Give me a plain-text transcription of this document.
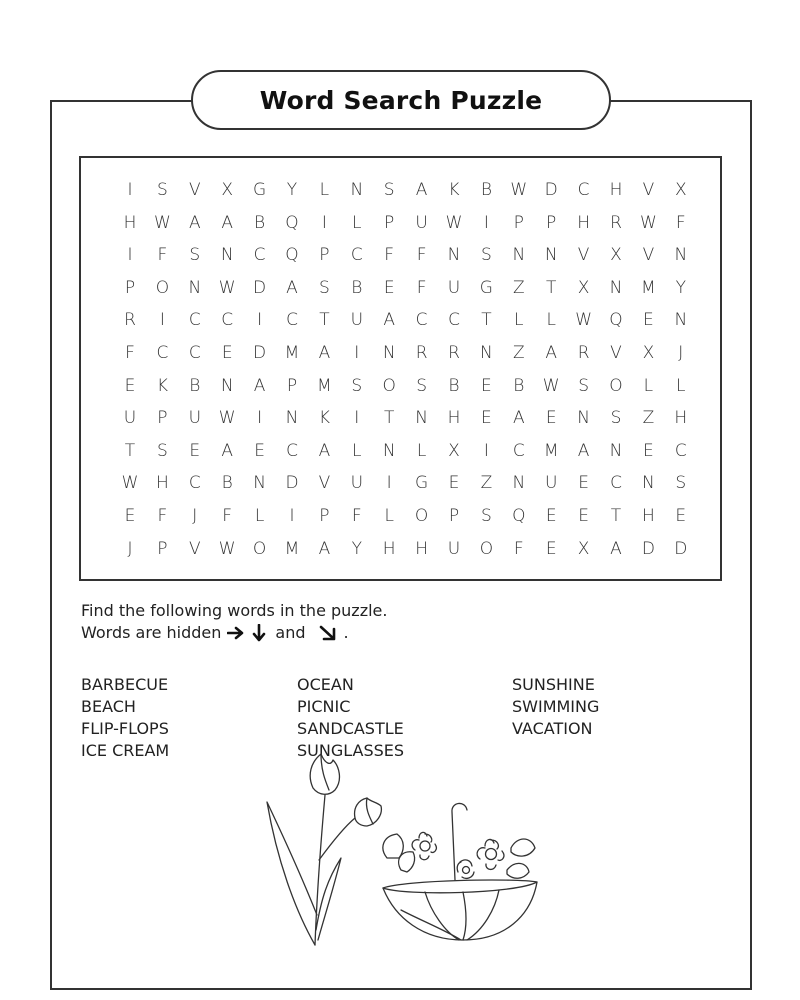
Word Search Puzzle
I	S	V	X	G	Y	L	N	S	A	K	B	W	D	C	H	V	X
H	W	A	A	B	Q	I	L	P	U	W	I	P	P	H	R	W	F
I	F	S	N	C	Q	P	C	F	F	N	S	N	N	V	X	V	N
P	O	N	W	D	A	S	B	E	F	U	G	Z	T	X	N	M	Y
R	I	C	C	I	C	T	U	A	C	C	T	L	L	W	Q	E	N
F	C	C	E	D	M	A	I	N	R	R	N	Z	A	R	V	X	J
E	K	B	N	A	P	M	S	O	S	B	E	B	W	S	O	L	L
U	P	U	W	I	N	K	I	T	N	H	E	A	E	N	S	Z	H
T	S	E	A	E	C	A	L	N	L	X	I	C	M	A	N	E	C
W	H	C	B	N	D	V	U	I	G	E	Z	N	U	E	C	N	S
E	F	J	F	L	I	P	F	L	O	P	S	Q	E	E	T	H	E
J	P	V	W	O	M	A	Y	H	H	U	O	F	E	X	A	D	D
Find the following words in the puzzle.
Words are hidden	and .
BARBECUE
BEACH
FLIP-FLOPS
ICE CREAM
OCEAN
PICNIC
SANDCASTLE
SUNGLASSES
SUNSHINE
SWIMMING
VACATION
